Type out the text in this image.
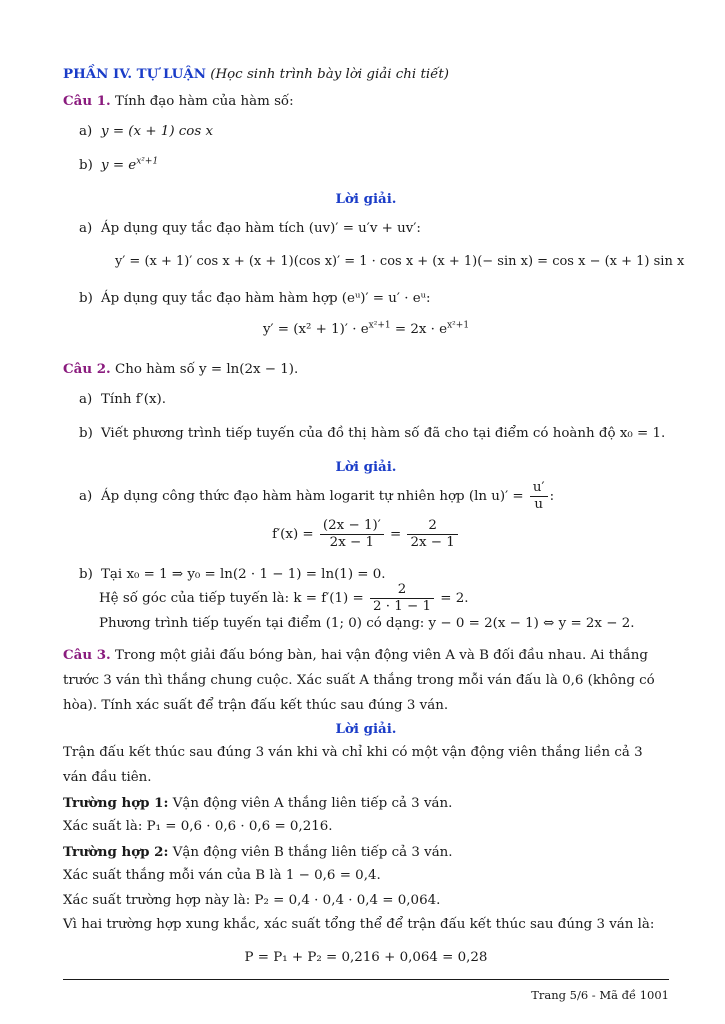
PHẦN IV. TỰ LUẬN (Học sinh trình bày lời giải chi tiết)
Câu 1. Tính đạo hàm của hàm số:
a) y = (x + 1) cos x
b) $y = e^{x^2+1}$
Lời giải.
a) Áp dụng quy tắc đạo hàm tích (uv)′ = u′v + uv′:
y′ = (x + 1)′ cos x + (x + 1)(cos x)′ = 1 · cos x + (x + 1)(− sin x) = cos x − (x + 1) sin x
b) Áp dụng quy tắc đạo hàm hàm hợp (eᵘ)′ = u′ · eᵘ:
$y' = (x^2 + 1)' \cdot e^{x^2+1} = 2x \cdot e^{x^2+1}$
Câu 2. Cho hàm số y = ln(2x − 1).
a) Tính f′(x).
b) Viết phương trình tiếp tuyến của đồ thị hàm số đã cho tại điểm có hoành độ x₀ = 1.
Lời giải.
a) Áp dụng công thức đạo hàm hàm logarit tự nhiên hợp (ln $u)' = \frac{u'}{u}$ :
$f'(x) = \frac{(2x - 1)'}{2x - 1} = \frac{2}{2x - 1}$
b) Tại x₀ = 1 ⇒ y₀ = ln(2 · 1 − 1) = ln(1) = 0.
Hệ số góc của tiếp tuyến là: $k = f'(1) = \frac{2}{2 \cdot 1 - 1} = 2$.
Phương trình tiếp tuyến tại điểm (1; 0) có dạng: y − 0 = 2(x − 1) ⇔ y = 2x − 2.
Câu 3. Trong một giải đấu bóng bàn, hai vận động viên A và B đối đầu nhau. Ai thắng trước 3 ván thì thắng chung cuộc. Xác suất A thắng trong mỗi ván đấu là 0,6 (không có hòa). Tính xác suất để trận đấu kết thúc sau đúng 3 ván.
Lời giải.
Trận đấu kết thúc sau đúng 3 ván khi và chỉ khi có một vận động viên thắng liền cả 3 ván đầu tiên.
Trường hợp 1: Vận động viên A thắng liên tiếp cả 3 ván.
Xác suất là: P₁ = 0,6 · 0,6 · 0,6 = 0,216.
Trường hợp 2: Vận động viên B thắng liên tiếp cả 3 ván.
Xác suất thắng mỗi ván của B là 1 − 0,6 = 0,4.
Xác suất trường hợp này là: P₂ = 0,4 · 0,4 · 0,4 = 0,064.
Vì hai trường hợp xung khắc, xác suất tổng thể để trận đấu kết thúc sau đúng 3 ván là:
P = P₁ + P₂ = 0,216 + 0,064 = 0,28
Trang 5/6 - Mã đề 1001
